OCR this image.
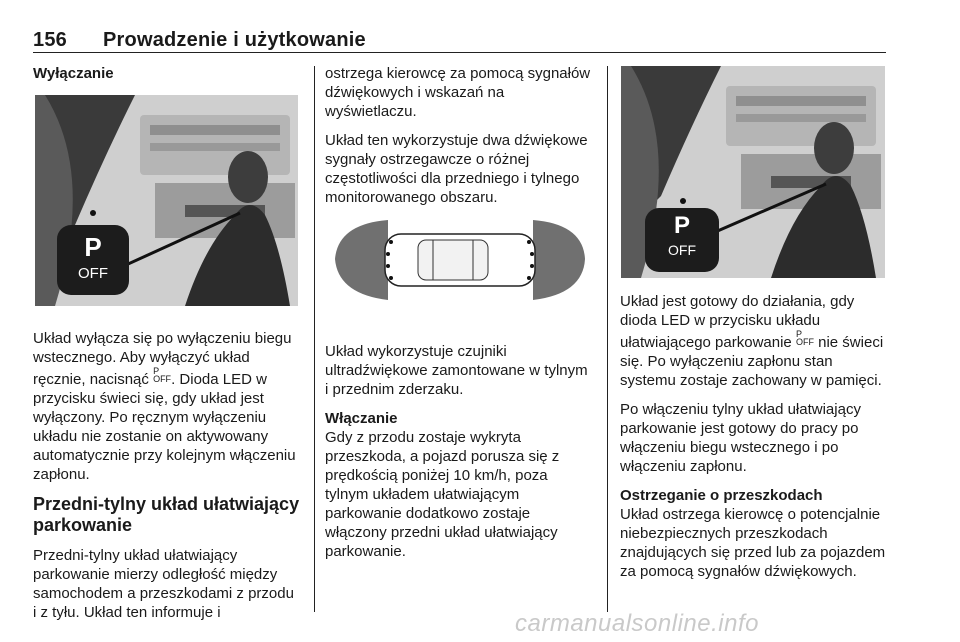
156 Prowadzenie i użytkowanie

Wyłączanie

Układ wyłącza się po wyłączeniu biegu wstecznego. Aby wyłączyć układ ręcznie, nacisnąć P
OFF. Dioda LED w przycisku świeci się, gdy układ jest wyłączony. Po ręcznym wyłączeniu układu nie zostanie on aktywowany automatycznie przy kolejnym włączeniu zapłonu.

Przedni-tylny układ ułatwiający parkowanie

Przedni-tylny układ ułatwiający parkowanie mierzy odległość między samochodem a przeszkodami z przodu i z tyłu. Układ ten informuje i

P
OFF

ostrzega kierowcę za pomocą sygnałów dźwiękowych i wskazań na wyświetlaczu.

Układ ten wykorzystuje dwa dźwiękowe sygnały ostrzegawcze o różnej częstotliwości dla przedniego i tylnego monitorowanego obszaru.

Układ wykorzystuje czujniki ultradźwiękowe zamontowane w tylnym i przednim zderzaku.

Włączanie

Gdy z przodu zostaje wykryta przeszkoda, a pojazd porusza się z prędkością poniżej 10 km/h, poza tylnym układem ułatwiającym parkowanie dodatkowo zostaje włączony przedni układ ułatwiający parkowanie.

P
OFF

Układ jest gotowy do działania, gdy dioda LED w przycisku układu ułatwiającego parkowanie P
OFF nie świeci się. Po wyłączeniu zapłonu stan systemu zostaje zachowany w pamięci.

Po włączeniu tylny układ ułatwiający parkowanie jest gotowy do pracy po włączeniu biegu wstecznego i po włączeniu zapłonu.

Ostrzeganie o przeszkodach

Układ ostrzega kierowcę o potencjalnie niebezpiecznych przeszkodach znajdujących się przed lub za pojazdem za pomocą sygnałów dźwiękowych.

carmanualsonline.info
